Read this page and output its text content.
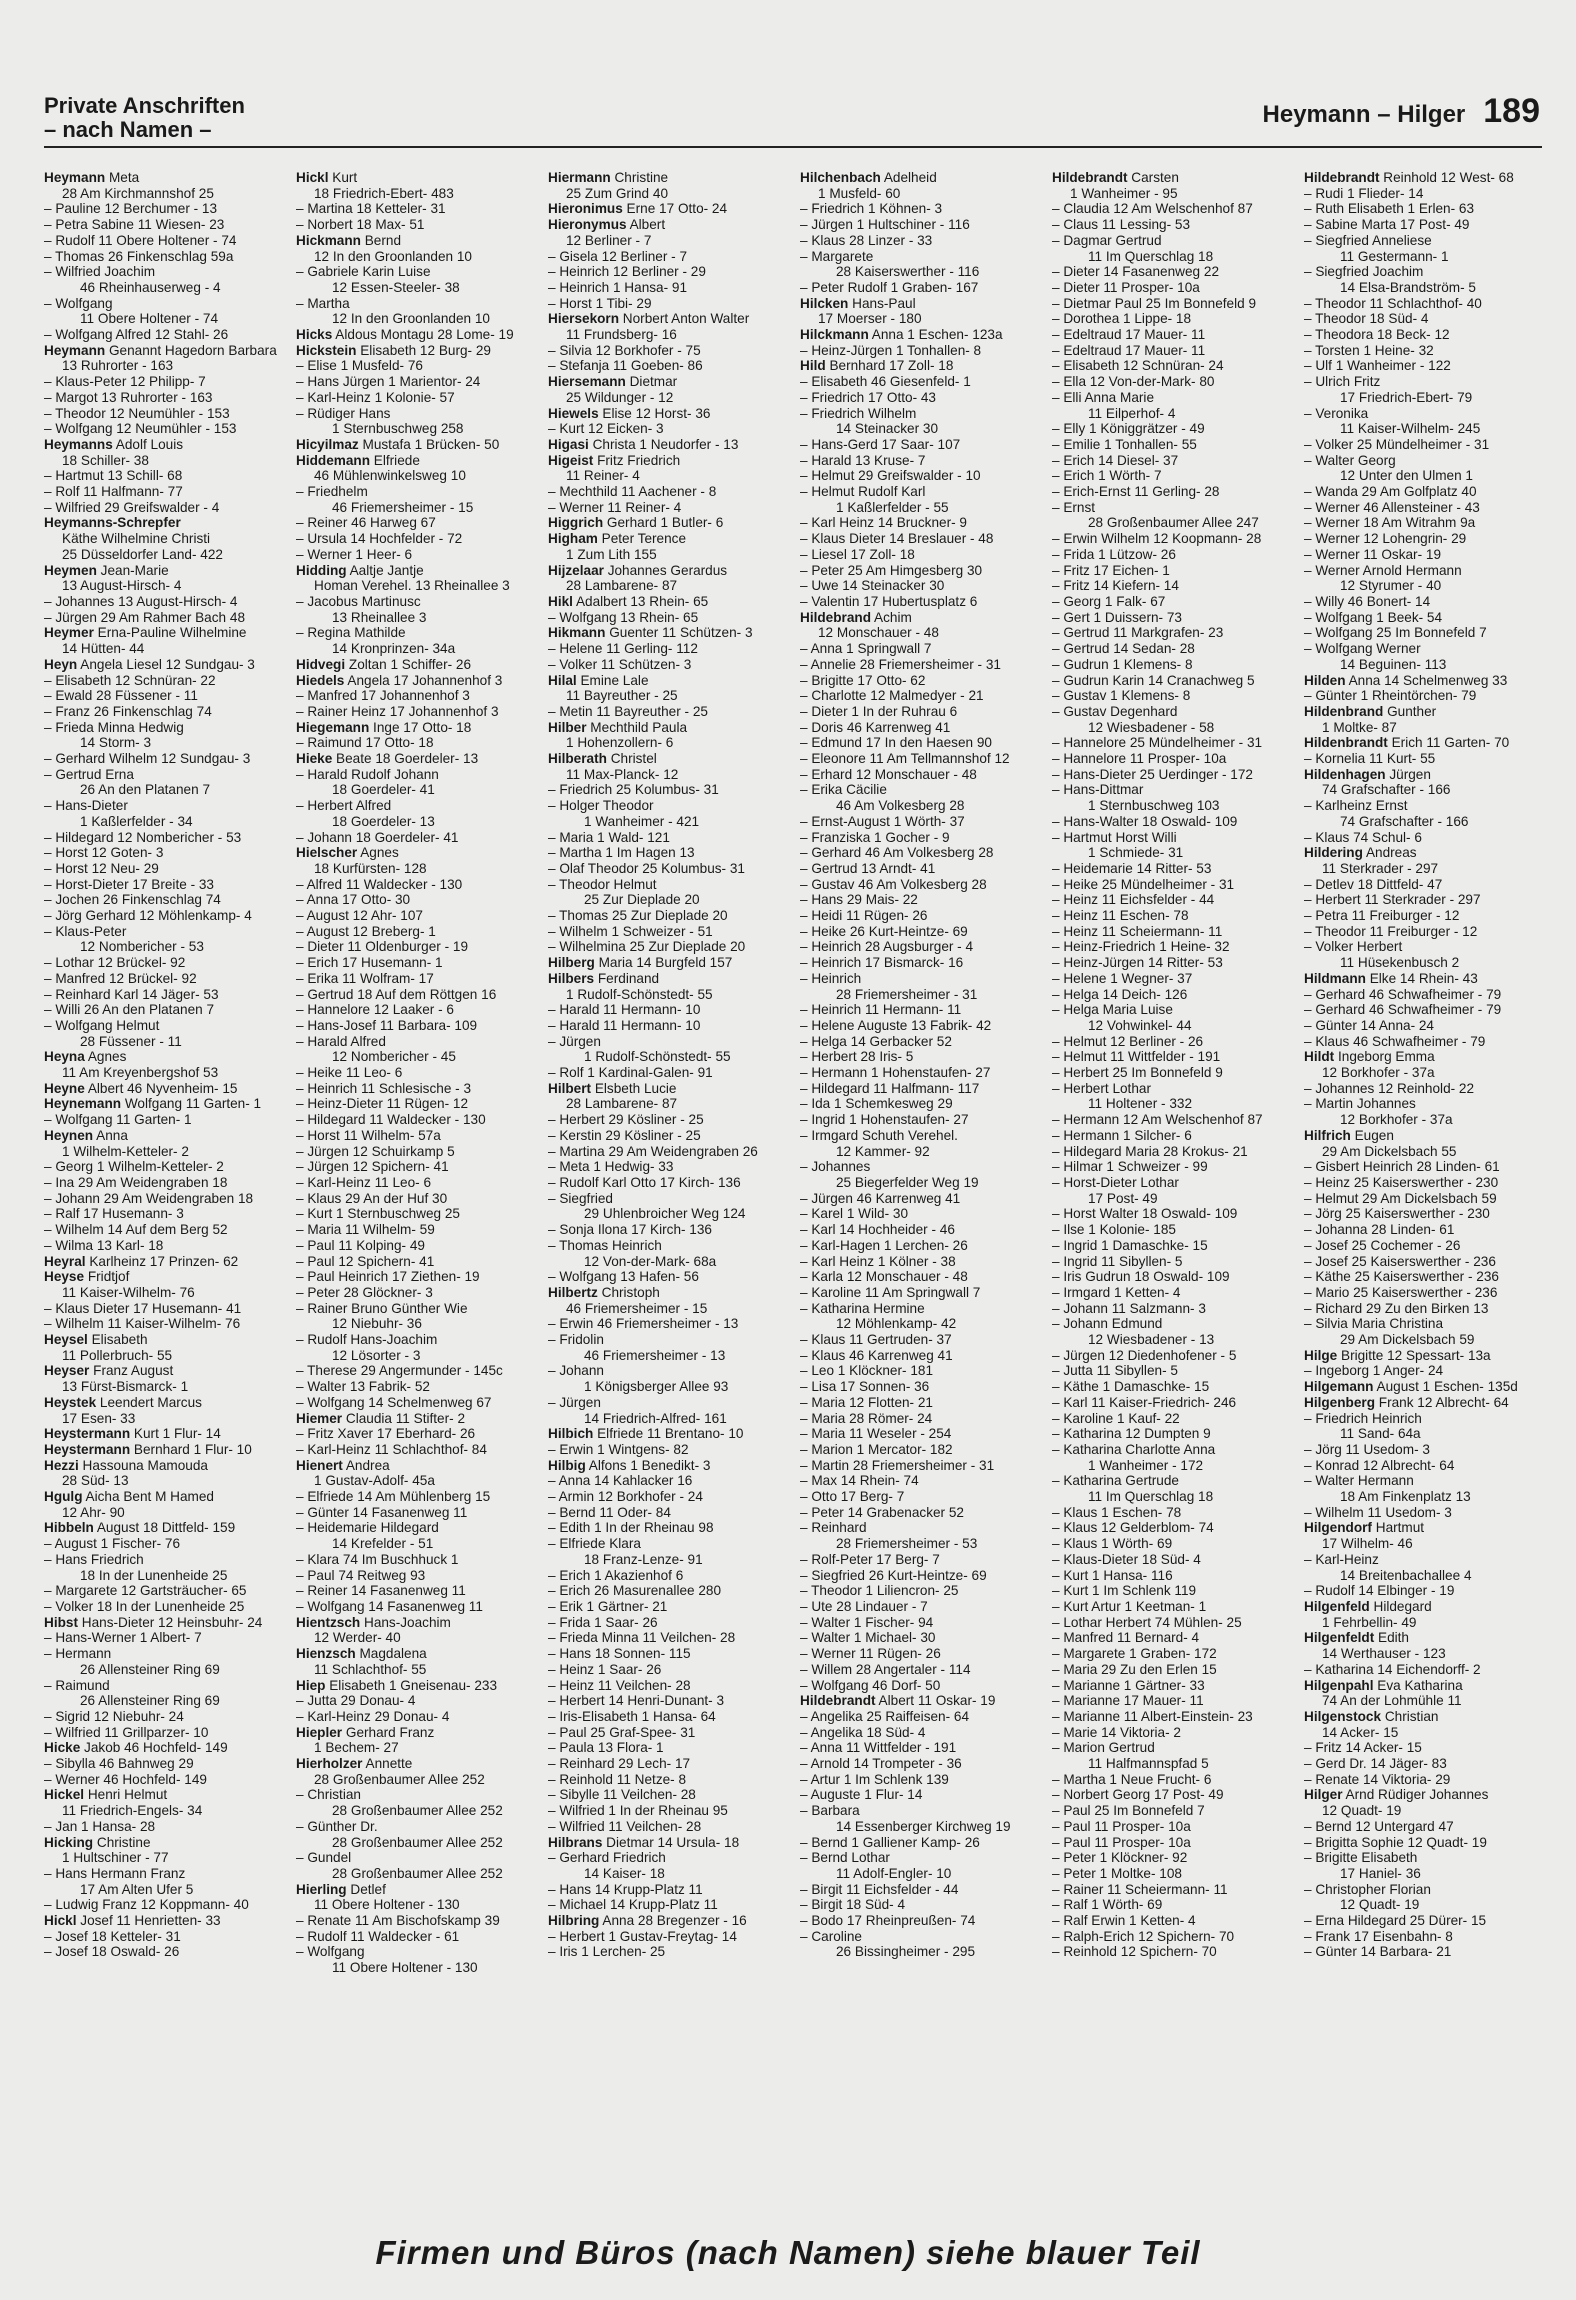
Private Anschriften
– nach Namen –
Heymann – Hilger 189
Heymann Meta
28 Am Kirchmannshof 25
– Pauline 12 Berchumer - 13
– Petra Sabine 11 Wiesen- 23
– Rudolf 11 Obere Holtener - 74
– Thomas 26 Finkenschlag 59a
– Wilfried Joachim
46 Rheinhauserweg - 4
– Wolfgang
11 Obere Holtener - 74
– Wolfgang Alfred 12 Stahl- 26
Heymann Genannt Hagedorn Barbara
13 Ruhrorter - 163
– Klaus-Peter 12 Philipp- 7
– Margot 13 Ruhrorter - 163
– Theodor 12 Neumühler - 153
– Wolfgang 12 Neumühler - 153
Heymanns Adolf Louis
18 Schiller- 38
– Hartmut 13 Schill- 68
– Rolf 11 Halfmann- 77
– Wilfried 29 Greifswalder - 4
Heymanns-Schrepfer
Käthe Wilhelmine Christi
25 Düsseldorfer Land- 422
Heymen Jean-Marie
13 August-Hirsch- 4
– Johannes 13 August-Hirsch- 4
– Jürgen 29 Am Rahmer Bach 48
Heymer Erna-Pauline Wilhelmine
14 Hütten- 44
Heyn Angela Liesel 12 Sundgau- 3
– Elisabeth 12 Schnüran- 22
– Ewald 28 Füssener - 11
– Franz 26 Finkenschlag 74
– Frieda Minna Hedwig
14 Storm- 3
– Gerhard Wilhelm 12 Sundgau- 3
– Gertrud Erna
26 An den Platanen 7
– Hans-Dieter
1 Kaßlerfelder - 34
– Hildegard 12 Nombericher - 53
– Horst 12 Goten- 3
– Horst 12 Neu- 29
– Horst-Dieter 17 Breite - 33
– Jochen 26 Finkenschlag 74
– Jörg Gerhard 12 Möhlenkamp- 4
– Klaus-Peter
12 Nombericher - 53
– Lothar 12 Brückel- 92
– Manfred 12 Brückel- 92
– Reinhard Karl 14 Jäger- 53
– Willi 26 An den Platanen 7
– Wolfgang Helmut
28 Füssener - 11
Heyna Agnes
11 Am Kreyenbergshof 53
Heyne Albert 46 Nyvenheim- 15
Heynemann Wolfgang 11 Garten- 1
– Wolfgang 11 Garten- 1
Heynen Anna
1 Wilhelm-Ketteler- 2
– Georg 1 Wilhelm-Ketteler- 2
– Ina 29 Am Weidengraben 18
– Johann 29 Am Weidengraben 18
– Ralf 17 Husemann- 3
– Wilhelm 14 Auf dem Berg 52
– Wilma 13 Karl- 18
Heyral Karlheinz 17 Prinzen- 62
Heyse Fridtjof
11 Kaiser-Wilhelm- 76
– Klaus Dieter 17 Husemann- 41
– Wilhelm 11 Kaiser-Wilhelm- 76
Heysel Elisabeth
11 Pollerbruch- 55
Heyser Franz August
13 Fürst-Bismarck- 1
Heystek Leendert Marcus
17 Esen- 33
Heystermann Kurt 1 Flur- 14
Heystermann Bernhard 1 Flur- 10
Hezzi Hassouna Mamouda
28 Süd- 13
Hgulg Aicha Bent M Hamed
12 Ahr- 90
Hibbeln August 18 Dittfeld- 159
– August 1 Fischer- 76
– Hans Friedrich
18 In der Lunenheide 25
– Margarete 12 Gartsträucher- 65
– Volker 18 In der Lunenheide 25
Hibst Hans-Dieter 12 Heinsbuhr- 24
– Hans-Werner 1 Albert- 7
– Hermann
26 Allensteiner Ring 69
– Raimund
26 Allensteiner Ring 69
– Sigrid 12 Niebuhr- 24
– Wilfried 11 Grillparzer- 10
Hicke Jakob 46 Hochfeld- 149
– Sibylla 46 Bahnweg 29
– Werner 46 Hochfeld- 149
Hickel Henri Helmut
11 Friedrich-Engels- 34
– Jan 1 Hansa- 28
Hicking Christine
1 Hultschiner - 77
– Hans Hermann Franz
17 Am Alten Ufer 5
– Ludwig Franz 12 Koppmann- 40
Hickl Josef 11 Henrietten- 33
– Josef 18 Ketteler- 31
– Josef 18 Oswald- 26
Hickl Kurt
18 Friedrich-Ebert- 483
– Martina 18 Ketteler- 31
– Norbert 18 Max- 51
Hickmann Bernd
12 In den Groonlanden 10
– Gabriele Karin Luise
12 Essen-Steeler- 38
– Martha
12 In den Groonlanden 10
Hicks Aldous Montagu 28 Lome- 19
Hickstein Elisabeth 12 Burg- 29
– Elise 1 Musfeld- 76
– Hans Jürgen 1 Marientor- 24
– Karl-Heinz 1 Kolonie- 57
– Rüdiger Hans
1 Sternbuschweg 258
Hicyilmaz Mustafa 1 Brücken- 50
Hiddemann Elfriede
46 Mühlenwinkelsweg 10
– Friedhelm
46 Friemersheimer - 15
– Reiner 46 Harweg 67
– Ursula 14 Hochfelder - 72
– Werner 1 Heer- 6
Hidding Aaltje Jantje
Homan Verehel. 13 Rheinallee 3
– Jacobus Martinusc
13 Rheinallee 3
– Regina Mathilde
14 Kronprinzen- 34a
Hidvegi Zoltan 1 Schiffer- 26
Hiedels Angela 17 Johannenhof 3
– Manfred 17 Johannenhof 3
– Rainer Heinz 17 Johannenhof 3
Hiegemann Inge 17 Otto- 18
– Raimund 17 Otto- 18
Hieke Beate 18 Goerdeler- 13
– Harald Rudolf Johann
18 Goerdeler- 41
– Herbert Alfred
18 Goerdeler- 13
– Johann 18 Goerdeler- 41
Hielscher Agnes
18 Kurfürsten- 128
– Alfred 11 Waldecker - 130
– Anna 17 Otto- 30
– August 12 Ahr- 107
– August 12 Breberg- 1
– Dieter 11 Oldenburger - 19
– Erich 17 Husemann- 1
– Erika 11 Wolfram- 17
– Gertrud 18 Auf dem Röttgen 16
– Hannelore 12 Laaker - 6
– Hans-Josef 11 Barbara- 109
– Harald Alfred
12 Nombericher - 45
– Heike 11 Leo- 6
– Heinrich 11 Schlesische - 3
– Heinz-Dieter 11 Rügen- 12
– Hildegard 11 Waldecker - 130
– Horst 11 Wilhelm- 57a
– Jürgen 12 Schuirkamp 5
– Jürgen 12 Spichern- 41
– Karl-Heinz 11 Leo- 6
– Klaus 29 An der Huf 30
– Kurt 1 Sternbuschweg 25
– Maria 11 Wilhelm- 59
– Paul 11 Kolping- 49
– Paul 12 Spichern- 41
– Paul Heinrich 17 Ziethen- 19
– Peter 28 Glöckner- 3
– Rainer Bruno Günther Wie
12 Niebuhr- 36
– Rudolf Hans-Joachim
12 Lösorter - 3
– Therese 29 Angermunder - 145c
– Walter 13 Fabrik- 52
– Wolfgang 14 Schelmenweg 67
Hiemer Claudia 11 Stifter- 2
– Fritz Xaver 17 Eberhard- 26
– Karl-Heinz 11 Schlachthof- 84
Hienert Andrea
1 Gustav-Adolf- 45a
– Elfriede 14 Am Mühlenberg 15
– Günter 14 Fasanenweg 11
– Heidemarie Hildegard
14 Krefelder - 51
– Klara 74 Im Buschhuck 1
– Paul 74 Reitweg 93
– Reiner 14 Fasanenweg 11
– Wolfgang 14 Fasanenweg 11
Hientzsch Hans-Joachim
12 Werder- 40
Hienzsch Magdalena
11 Schlachthof- 55
Hiep Elisabeth 1 Gneisenau- 233
– Jutta 29 Donau- 4
– Karl-Heinz 29 Donau- 4
Hiepler Gerhard Franz
1 Bechem- 27
Hierholzer Annette
28 Großenbaumer Allee 252
– Christian
28 Großenbaumer Allee 252
– Günther Dr.
28 Großenbaumer Allee 252
– Gundel
28 Großenbaumer Allee 252
Hierling Detlef
11 Obere Holtener - 130
– Renate 11 Am Bischofskamp 39
– Rudolf 11 Waldecker - 61
– Wolfgang
11 Obere Holtener - 130
Hiermann Christine
25 Zum Grind 40
Hieronimus Erne 17 Otto- 24
Hieronymus Albert
12 Berliner - 7
– Gisela 12 Berliner - 7
– Heinrich 12 Berliner - 29
– Heinrich 1 Hansa- 91
– Horst 1 Tibi- 29
Hiersekorn Norbert Anton Walter
11 Frundsberg- 16
– Silvia 12 Borkhofer - 75
– Stefanja 11 Goeben- 86
Hiersemann Dietmar
25 Wildunger - 12
Hiewels Elise 12 Horst- 36
– Kurt 12 Eicken- 3
Higasi Christa 1 Neudorfer - 13
Higeist Fritz Friedrich
11 Reiner- 4
– Mechthild 11 Aachener - 8
– Werner 11 Reiner- 4
Higgrich Gerhard 1 Butler- 6
Higham Peter Terence
1 Zum Lith 155
Hijzelaar Johannes Gerardus
28 Lambarene- 87
Hikl Adalbert 13 Rhein- 65
– Wolfgang 13 Rhein- 65
Hikmann Guenter 11 Schützen- 3
– Helene 11 Gerling- 112
– Volker 11 Schützen- 3
Hilal Emine Lale
11 Bayreuther - 25
– Metin 11 Bayreuther - 25
Hilber Mechthild Paula
1 Hohenzollern- 6
Hilberath Christel
11 Max-Planck- 12
– Friedrich 25 Kolumbus- 31
– Holger Theodor
1 Wanheimer - 421
– Maria 1 Wald- 121
– Martha 1 Im Hagen 13
– Olaf Theodor 25 Kolumbus- 31
– Theodor Helmut
25 Zur Dieplade 20
– Thomas 25 Zur Dieplade 20
– Wilhelm 1 Schweizer - 51
– Wilhelmina 25 Zur Dieplade 20
Hilberg Maria 14 Burgfeld 157
Hilbers Ferdinand
1 Rudolf-Schönstedt- 55
– Harald 11 Hermann- 10
– Harald 11 Hermann- 10
– Jürgen
1 Rudolf-Schönstedt- 55
– Rolf 1 Kardinal-Galen- 91
Hilbert Elsbeth Lucie
28 Lambarene- 87
– Herbert 29 Kösliner - 25
– Kerstin 29 Kösliner - 25
– Martina 29 Am Weidengraben 26
– Meta 1 Hedwig- 33
– Rudolf Karl Otto 17 Kirch- 136
– Siegfried
29 Uhlenbroicher Weg 124
– Sonja Ilona 17 Kirch- 136
– Thomas Heinrich
12 Von-der-Mark- 68a
– Wolfgang 13 Hafen- 56
Hilbertz Christoph
46 Friemersheimer - 15
– Erwin 46 Friemersheimer - 13
– Fridolin
46 Friemersheimer - 13
– Johann
1 Königsberger Allee 93
– Jürgen
14 Friedrich-Alfred- 161
Hilbich Elfriede 11 Brentano- 10
– Erwin 1 Wintgens- 82
Hilbig Alfons 1 Benedikt- 3
– Anna 14 Kahlacker 16
– Armin 12 Borkhofer - 24
– Bernd 11 Oder- 84
– Edith 1 In der Rheinau 98
– Elfriede Klara
18 Franz-Lenze- 91
– Erich 1 Akazienhof 6
– Erich 26 Masurenallee 280
– Erik 1 Gärtner- 21
– Frida 1 Saar- 26
– Frieda Minna 11 Veilchen- 28
– Hans 18 Sonnen- 115
– Heinz 1 Saar- 26
– Heinz 11 Veilchen- 28
– Herbert 14 Henri-Dunant- 3
– Iris-Elisabeth 1 Hansa- 64
– Paul 25 Graf-Spee- 31
– Paula 13 Flora- 1
– Reinhard 29 Lech- 17
– Reinhold 11 Netze- 8
– Sibylle 11 Veilchen- 28
– Wilfried 1 In der Rheinau 95
– Wilfried 11 Veilchen- 28
Hilbrans Dietmar 14 Ursula- 18
– Gerhard Friedrich
14 Kaiser- 18
– Hans 14 Krupp-Platz 11
– Michael 14 Krupp-Platz 11
Hilbring Anna 28 Bregenzer - 16
– Herbert 1 Gustav-Freytag- 14
– Iris 1 Lerchen- 25
Hilchenbach Adelheid
1 Musfeld- 60
– Friedrich 1 Köhnen- 3
– Jürgen 1 Hultschiner - 116
– Klaus 28 Linzer - 33
– Margarete
28 Kaiserswerther - 116
– Peter Rudolf 1 Graben- 167
Hilcken Hans-Paul
17 Moerser - 180
Hilckmann Anna 1 Eschen- 123a
– Heinz-Jürgen 1 Tonhallen- 8
Hild Bernhard 17 Zoll- 18
– Elisabeth 46 Giesenfeld- 1
– Friedrich 17 Otto- 43
– Friedrich Wilhelm
14 Steinacker 30
– Hans-Gerd 17 Saar- 107
– Harald 13 Kruse- 7
– Helmut 29 Greifswalder - 10
– Helmut Rudolf Karl
1 Kaßlerfelder - 55
– Karl Heinz 14 Bruckner- 9
– Klaus Dieter 14 Breslauer - 48
– Liesel 17 Zoll- 18
– Peter 25 Am Himgesberg 30
– Uwe 14 Steinacker 30
– Valentin 17 Hubertusplatz 6
Hildebrand Achim
12 Monschauer - 48
– Anna 1 Springwall 7
– Annelie 28 Friemersheimer - 31
– Brigitte 17 Otto- 62
– Charlotte 12 Malmedyer - 21
– Dieter 1 In der Ruhrau 6
– Doris 46 Karrenweg 41
– Edmund 17 In den Haesen 90
– Eleonore 11 Am Tellmannshof 12
– Erhard 12 Monschauer - 48
– Erika Cäcilie
46 Am Volkesberg 28
– Ernst-August 1 Wörth- 37
– Franziska 1 Gocher - 9
– Gerhard 46 Am Volkesberg 28
– Gertrud 13 Arndt- 41
– Gustav 46 Am Volkesberg 28
– Hans 29 Mais- 22
– Heidi 11 Rügen- 26
– Heike 26 Kurt-Heintze- 69
– Heinrich 28 Augsburger - 4
– Heinrich 17 Bismarck- 16
– Heinrich
28 Friemersheimer - 31
– Heinrich 11 Hermann- 11
– Helene Auguste 13 Fabrik- 42
– Helga 14 Gerbacker 52
– Herbert 28 Iris- 5
– Hermann 1 Hohenstaufen- 27
– Hildegard 11 Halfmann- 117
– Ida 1 Schemkesweg 29
– Ingrid 1 Hohenstaufen- 27
– Irmgard Schuth Verehel.
12 Kammer- 92
– Johannes
25 Biegerfelder Weg 19
– Jürgen 46 Karrenweg 41
– Karel 1 Wild- 30
– Karl 14 Hochheider - 46
– Karl-Hagen 1 Lerchen- 26
– Karl Heinz 1 Kölner - 38
– Karla 12 Monschauer - 48
– Karoline 11 Am Springwall 7
– Katharina Hermine
12 Möhlenkamp- 42
– Klaus 11 Gertruden- 37
– Klaus 46 Karrenweg 41
– Leo 1 Klöckner- 181
– Lisa 17 Sonnen- 36
– Maria 12 Flotten- 21
– Maria 28 Römer- 24
– Maria 11 Weseler - 254
– Marion 1 Mercator- 182
– Martin 28 Friemersheimer - 31
– Max 14 Rhein- 74
– Otto 17 Berg- 7
– Peter 14 Grabenacker 52
– Reinhard
28 Friemersheimer - 53
– Rolf-Peter 17 Berg- 7
– Siegfried 26 Kurt-Heintze- 69
– Theodor 1 Liliencron- 25
– Ute 28 Lindauer - 7
– Walter 1 Fischer- 94
– Walter 1 Michael- 30
– Werner 11 Rügen- 26
– Willem 28 Angertaler - 114
– Wolfgang 46 Dorf- 50
Hildebrandt Albert 11 Oskar- 19
– Angelika 25 Raiffeisen- 64
– Angelika 18 Süd- 4
– Anna 11 Wittfelder - 191
– Arnold 14 Trompeter - 36
– Artur 1 Im Schlenk 139
– Auguste 1 Flur- 14
– Barbara
14 Essenberger Kirchweg 19
– Bernd 1 Galliener Kamp- 26
– Bernd Lothar
11 Adolf-Engler- 10
– Birgit 11 Eichsfelder - 44
– Birgit 18 Süd- 4
– Bodo 17 Rheinpreußen- 74
– Caroline
26 Bissingheimer - 295
Hildebrandt Carsten
1 Wanheimer - 95
– Claudia 12 Am Welschenhof 87
– Claus 11 Lessing- 53
– Dagmar Gertrud
11 Im Querschlag 18
– Dieter 14 Fasanenweg 22
– Dieter 11 Prosper- 10a
– Dietmar Paul 25 Im Bonnefeld 9
– Dorothea 1 Lippe- 18
– Edeltraud 17 Mauer- 11
– Edeltraud 17 Mauer- 11
– Elisabeth 12 Schnüran- 24
– Ella 12 Von-der-Mark- 80
– Elli Anna Marie
11 Eilperhof- 4
– Elly 1 Königgrätzer - 49
– Emilie 1 Tonhallen- 55
– Erich 14 Diesel- 37
– Erich 1 Wörth- 7
– Erich-Ernst 11 Gerling- 28
– Ernst
28 Großenbaumer Allee 247
– Erwin Wilhelm 12 Koopmann- 28
– Frida 1 Lützow- 26
– Fritz 17 Eichen- 1
– Fritz 14 Kiefern- 14
– Georg 1 Falk- 67
– Gert 1 Duissern- 73
– Gertrud 11 Markgrafen- 23
– Gertrud 14 Sedan- 28
– Gudrun 1 Klemens- 8
– Gudrun Karin 14 Cranachweg 5
– Gustav 1 Klemens- 8
– Gustav Degenhard
12 Wiesbadener - 58
– Hannelore 25 Mündelheimer - 31
– Hannelore 11 Prosper- 10a
– Hans-Dieter 25 Uerdinger - 172
– Hans-Dittmar
1 Sternbuschweg 103
– Hans-Walter 18 Oswald- 109
– Hartmut Horst Willi
1 Schmiede- 31
– Heidemarie 14 Ritter- 53
– Heike 25 Mündelheimer - 31
– Heinz 11 Eichsfelder - 44
– Heinz 11 Eschen- 78
– Heinz 11 Scheiermann- 11
– Heinz-Friedrich 1 Heine- 32
– Heinz-Jürgen 14 Ritter- 53
– Helene 1 Wegner- 37
– Helga 14 Deich- 126
– Helga Maria Luise
12 Vohwinkel- 44
– Helmut 12 Berliner - 26
– Helmut 11 Wittfelder - 191
– Herbert 25 Im Bonnefeld 9
– Herbert Lothar
11 Holtener - 332
– Hermann 12 Am Welschenhof 87
– Hermann 1 Silcher- 6
– Hildegard Maria 28 Krokus- 21
– Hilmar 1 Schweizer - 99
– Horst-Dieter Lothar
17 Post- 49
– Horst Walter 18 Oswald- 109
– Ilse 1 Kolonie- 185
– Ingrid 1 Damaschke- 15
– Ingrid 11 Sibyllen- 5
– Iris Gudrun 18 Oswald- 109
– Irmgard 1 Ketten- 4
– Johann 11 Salzmann- 3
– Johann Edmund
12 Wiesbadener - 13
– Jürgen 12 Diedenhofener - 5
– Jutta 11 Sibyllen- 5
– Käthe 1 Damaschke- 15
– Karl 11 Kaiser-Friedrich- 246
– Karoline 1 Kauf- 22
– Katharina 12 Dumpten 9
– Katharina Charlotte Anna
1 Wanheimer - 172
– Katharina Gertrude
11 Im Querschlag 18
– Klaus 1 Eschen- 78
– Klaus 12 Gelderblom- 74
– Klaus 1 Wörth- 69
– Klaus-Dieter 18 Süd- 4
– Kurt 1 Hansa- 116
– Kurt 1 Im Schlenk 119
– Kurt Artur 1 Keetman- 1
– Lothar Herbert 74 Mühlen- 25
– Manfred 11 Bernard- 4
– Margarete 1 Graben- 172
– Maria 29 Zu den Erlen 15
– Marianne 1 Gärtner- 33
– Marianne 17 Mauer- 11
– Marianne 11 Albert-Einstein- 23
– Marie 14 Viktoria- 2
– Marion Gertrud
11 Halfmannspfad 5
– Martha 1 Neue Frucht- 6
– Norbert Georg 17 Post- 49
– Paul 25 Im Bonnefeld 7
– Paul 11 Prosper- 10a
– Paul 11 Prosper- 10a
– Peter 1 Klöckner- 92
– Peter 1 Moltke- 108
– Rainer 11 Scheiermann- 11
– Ralf 1 Wörth- 69
– Ralf Erwin 1 Ketten- 4
– Ralph-Erich 12 Spichern- 70
– Reinhold 12 Spichern- 70
Hildebrandt Reinhold 12 West- 68
– Rudi 1 Flieder- 14
– Ruth Elisabeth 1 Erlen- 63
– Sabine Marta 17 Post- 49
– Siegfried Anneliese
11 Gestermann- 1
– Siegfried Joachim
14 Elsa-Brandström- 5
– Theodor 11 Schlachthof- 40
– Theodor 18 Süd- 4
– Theodora 18 Beck- 12
– Torsten 1 Heine- 32
– Ulf 1 Wanheimer - 122
– Ulrich Fritz
17 Friedrich-Ebert- 79
– Veronika
11 Kaiser-Wilhelm- 245
– Volker 25 Mündelheimer - 31
– Walter Georg
12 Unter den Ulmen 1
– Wanda 29 Am Golfplatz 40
– Werner 46 Allensteiner - 43
– Werner 18 Am Witrahm 9a
– Werner 12 Lohengrin- 29
– Werner 11 Oskar- 19
– Werner Arnold Hermann
12 Styrumer - 40
– Willy 46 Bonert- 14
– Wolfgang 1 Beek- 54
– Wolfgang 25 Im Bonnefeld 7
– Wolfgang Werner
14 Beguinen- 113
Hilden Anna 14 Schelmenweg 33
– Günter 1 Rheintörchen- 79
Hildenbrand Gunther
1 Moltke- 87
Hildenbrandt Erich 11 Garten- 70
– Kornelia 11 Kurt- 55
Hildenhagen Jürgen
74 Grafschafter - 166
– Karlheinz Ernst
74 Grafschafter - 166
– Klaus 74 Schul- 6
Hildering Andreas
11 Sterkrader - 297
– Detlev 18 Dittfeld- 47
– Herbert 11 Sterkrader - 297
– Petra 11 Freiburger - 12
– Theodor 11 Freiburger - 12
– Volker Herbert
11 Hüsekenbusch 2
Hildmann Elke 14 Rhein- 43
– Gerhard 46 Schwafheimer - 79
– Gerhard 46 Schwafheimer - 79
– Günter 14 Anna- 24
– Klaus 46 Schwafheimer - 79
Hildt Ingeborg Emma
12 Borkhofer - 37a
– Johannes 12 Reinhold- 22
– Martin Johannes
12 Borkhofer - 37a
Hilfrich Eugen
29 Am Dickelsbach 55
– Gisbert Heinrich 28 Linden- 61
– Heinz 25 Kaiserswerther - 230
– Helmut 29 Am Dickelsbach 59
– Jörg 25 Kaiserswerther - 230
– Johanna 28 Linden- 61
– Josef 25 Cochemer - 26
– Josef 25 Kaiserswerther - 236
– Käthe 25 Kaiserswerther - 236
– Mario 25 Kaiserswerther - 236
– Richard 29 Zu den Birken 13
– Silvia Maria Christina
29 Am Dickelsbach 59
Hilge Brigitte 12 Spessart- 13a
– Ingeborg 1 Anger- 24
Hilgemann August 1 Eschen- 135d
Hilgenberg Frank 12 Albrecht- 64
– Friedrich Heinrich
11 Sand- 64a
– Jörg 11 Usedom- 3
– Konrad 12 Albrecht- 64
– Walter Hermann
18 Am Finkenplatz 13
– Wilhelm 11 Usedom- 3
Hilgendorf Hartmut
17 Wilhelm- 46
– Karl-Heinz
14 Breitenbachallee 4
– Rudolf 14 Elbinger - 19
Hilgenfeld Hildegard
1 Fehrbellin- 49
Hilgenfeldt Edith
14 Werthauser - 123
– Katharina 14 Eichendorff- 2
Hilgenpahl Eva Katharina
74 An der Lohmühle 11
Hilgenstock Christian
14 Acker- 15
– Fritz 14 Acker- 15
– Gerd Dr. 14 Jäger- 83
– Renate 14 Viktoria- 29
Hilger Arnd Rüdiger Johannes
12 Quadt- 19
– Bernd 12 Untergard 47
– Brigitta Sophie 12 Quadt- 19
– Brigitte Elisabeth
17 Haniel- 36
– Christopher Florian
12 Quadt- 19
– Erna Hildegard 25 Dürer- 15
– Frank 17 Eisenbahn- 8
– Günter 14 Barbara- 21
Firmen und Büros (nach Namen) siehe blauer Teil
